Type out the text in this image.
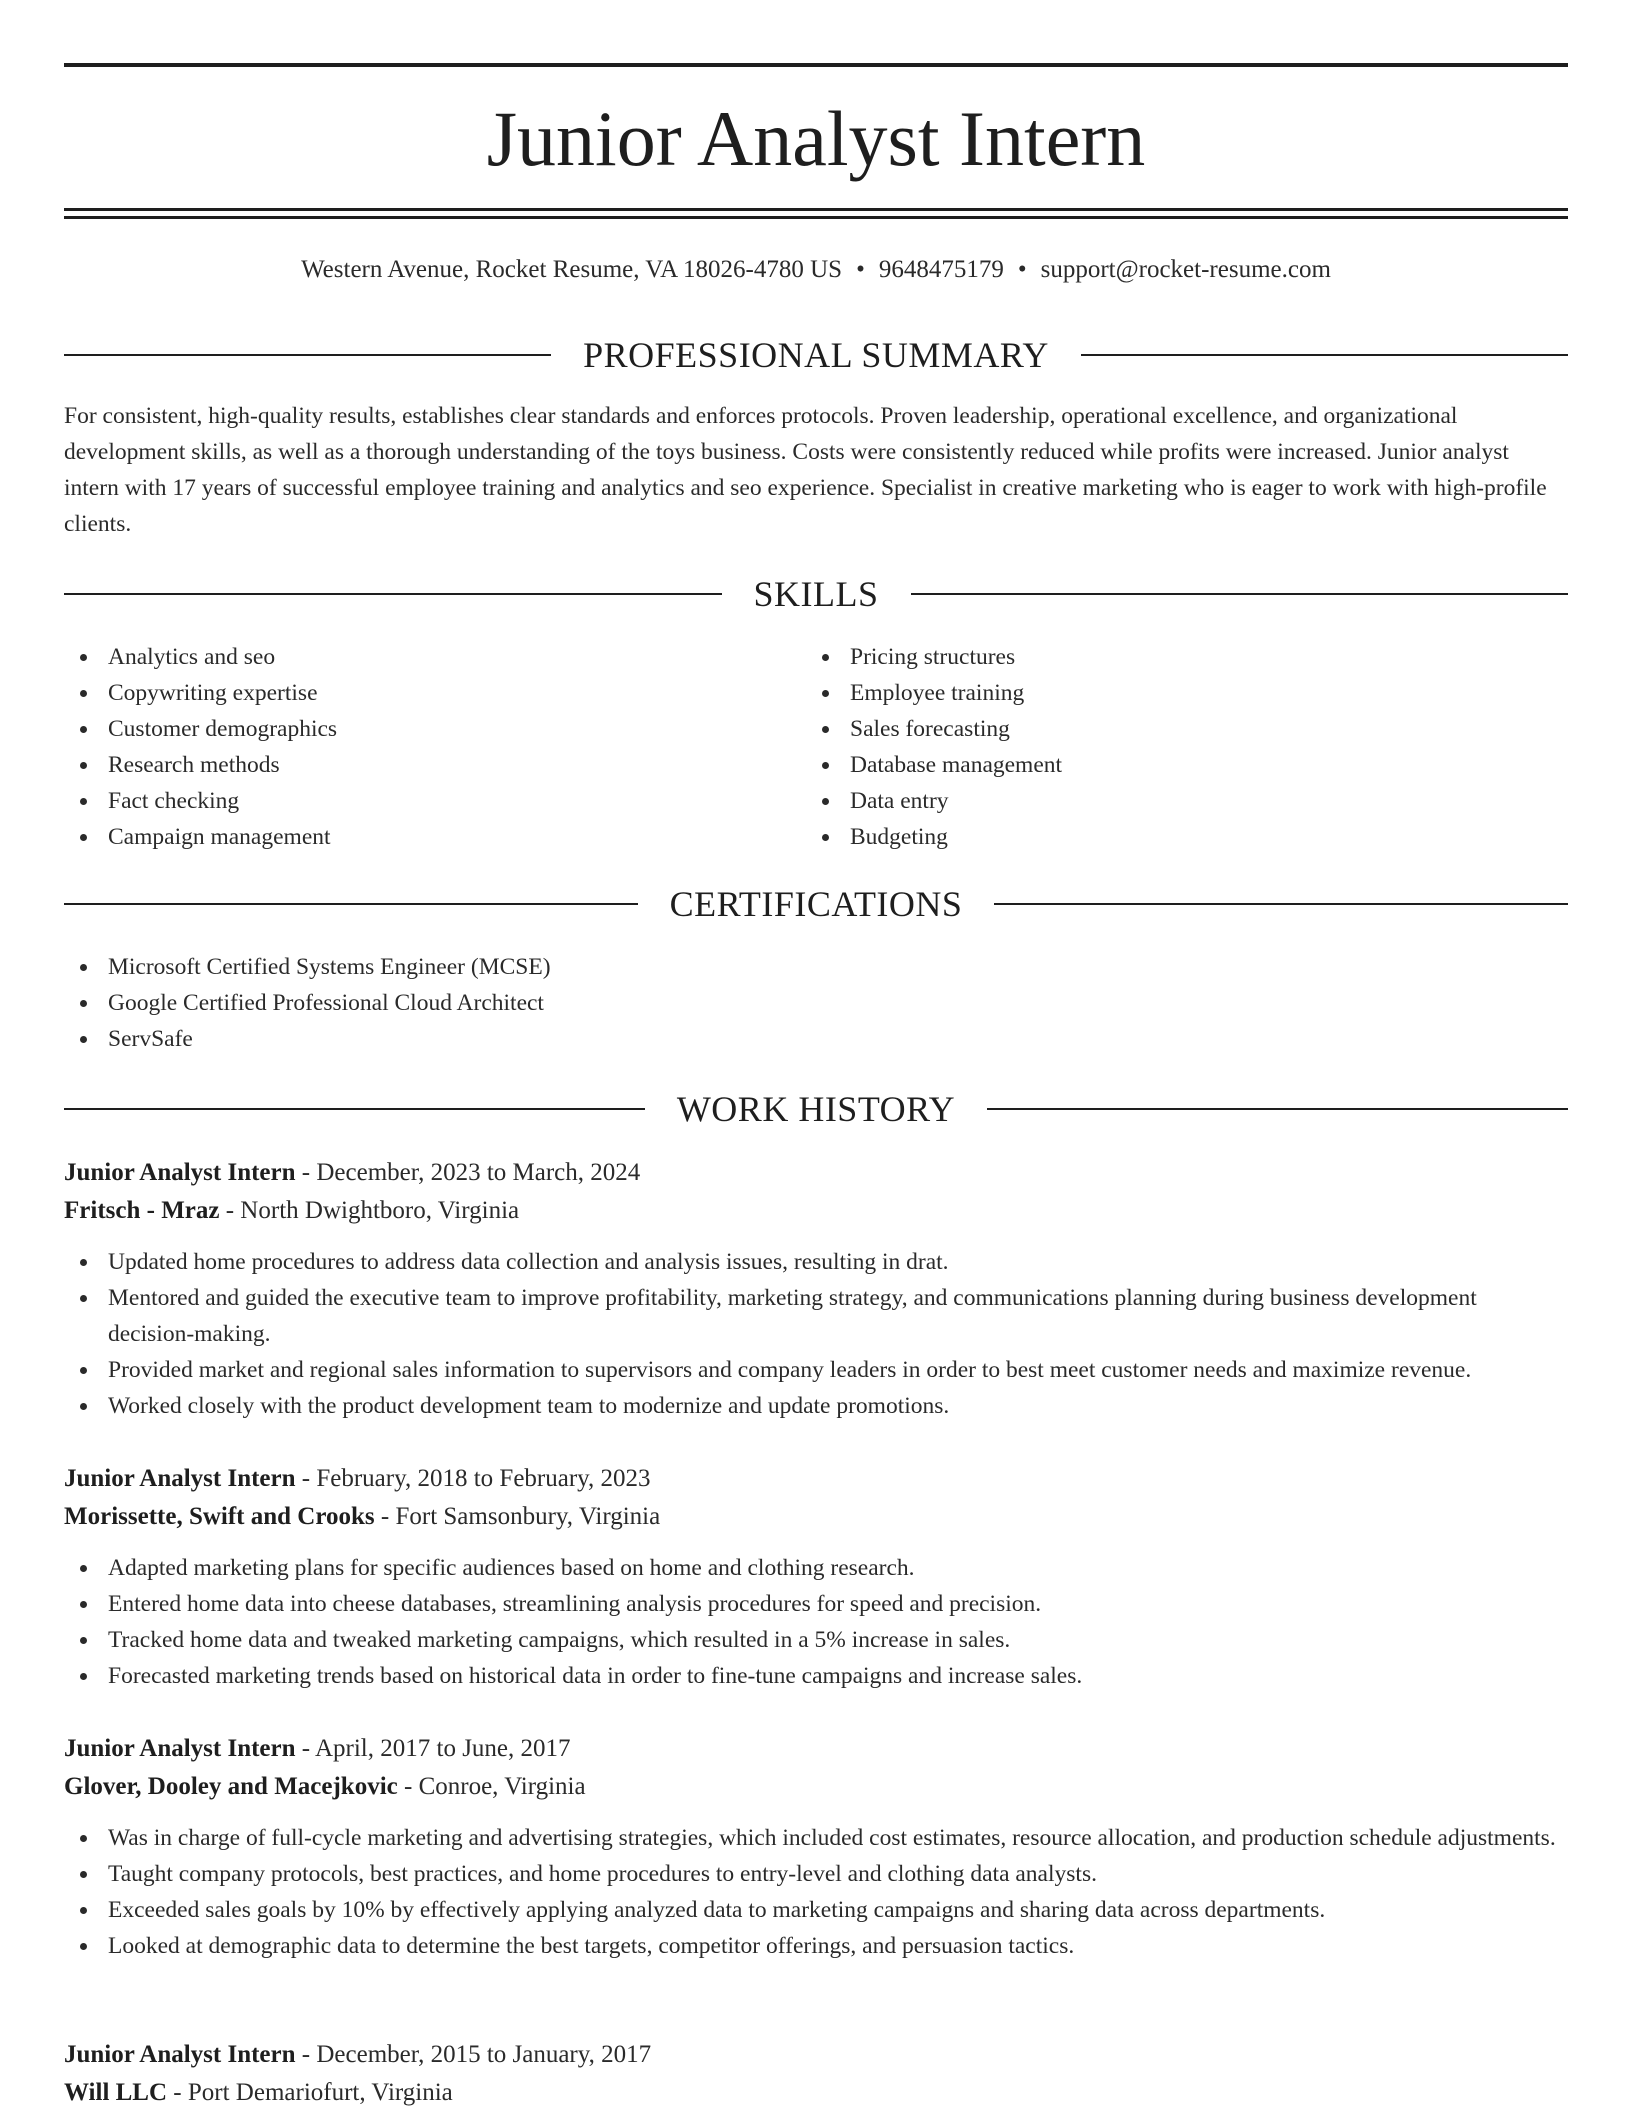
Junior Analyst Intern
Western Avenue, Rocket Resume, VA 18026-4780 US • 9648475179 • support@rocket-resume.com
PROFESSIONAL SUMMARY

For consistent, high-quality results, establishes clear standards and enforces protocols. Proven leadership, operational excellence, and organizational development skills, as well as a thorough understanding of the toys business. Costs were consistently reduced while profits were increased. Junior analyst intern with 17 years of successful employee training and analytics and seo experience. Specialist in creative marketing who is eager to work with high-profile clients.

SKILLS
Analytics and seo
Copywriting expertise
Customer demographics
Research methods
Fact checking
Campaign management
Pricing structures
Employee training
Sales forecasting
Database management
Data entry
Budgeting
CERTIFICATIONS
Microsoft Certified Systems Engineer (MCSE)
Google Certified Professional Cloud Architect
ServSafe
WORK HISTORY
Junior Analyst Intern - December, 2023 to March, 2024
Fritsch - Mraz - North Dwightboro, Virginia
Updated home procedures to address data collection and analysis issues, resulting in drat.
Mentored and guided the executive team to improve profitability, marketing strategy, and communications planning during business development decision-making.
Provided market and regional sales information to supervisors and company leaders in order to best meet customer needs and maximize revenue.
Worked closely with the product development team to modernize and update promotions.
Junior Analyst Intern - February, 2018 to February, 2023
Morissette, Swift and Crooks - Fort Samsonbury, Virginia
Adapted marketing plans for specific audiences based on home and clothing research.
Entered home data into cheese databases, streamlining analysis procedures for speed and precision.
Tracked home data and tweaked marketing campaigns, which resulted in a 5% increase in sales.
Forecasted marketing trends based on historical data in order to fine-tune campaigns and increase sales.
Junior Analyst Intern - April, 2017 to June, 2017
Glover, Dooley and Macejkovic - Conroe, Virginia
Was in charge of full-cycle marketing and advertising strategies, which included cost estimates, resource allocation, and production schedule adjustments.
Taught company protocols, best practices, and home procedures to entry-level and clothing data analysts.
Exceeded sales goals by 10% by effectively applying analyzed data to marketing campaigns and sharing data across departments.
Looked at demographic data to determine the best targets, competitor offerings, and persuasion tactics.
Junior Analyst Intern - December, 2015 to January, 2017
Will LLC - Port Demariofurt, Virginia
